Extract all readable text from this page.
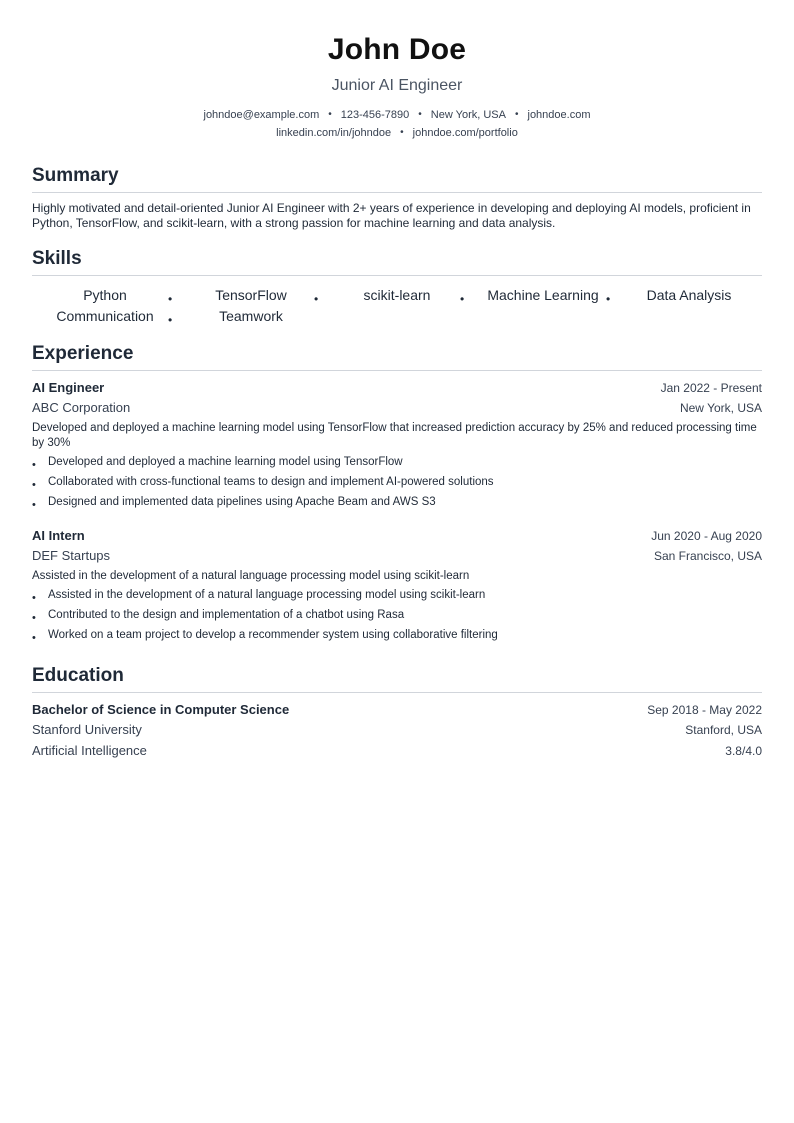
John Doe
Junior AI Engineer
johndoe@example.com • 123-456-7890 • New York, USA • johndoe.com
linkedin.com/in/johndoe • johndoe.com/portfolio
Summary
Highly motivated and detail-oriented Junior AI Engineer with 2+ years of experience in developing and deploying AI models, proficient in Python, TensorFlow, and scikit-learn, with a strong passion for machine learning and data analysis.
Skills
Python	•	TensorFlow	•	scikit-learn	• Machine Learning •	Data Analysis
Communication	•	Teamwork
Experience
AI Engineer	Jan 2022 - Present
ABC Corporation	New York, USA
Developed and deployed a machine learning model using TensorFlow that increased prediction accuracy by 25% and reduced processing time by 30%
• Developed and deployed a machine learning model using TensorFlow
• Collaborated with cross-functional teams to design and implement AI-powered solutions
• Designed and implemented data pipelines using Apache Beam and AWS S3
AI Intern	Jun 2020 - Aug 2020
DEF Startups	San Francisco, USA
Assisted in the development of a natural language processing model using scikit-learn
• Assisted in the development of a natural language processing model using scikit-learn
• Contributed to the design and implementation of a chatbot using Rasa
• Worked on a team project to develop a recommender system using collaborative filtering
Education
Bachelor of Science in Computer Science	Sep 2018 - May 2022
Stanford University	Stanford, USA
Artificial Intelligence	3.8/4.0
